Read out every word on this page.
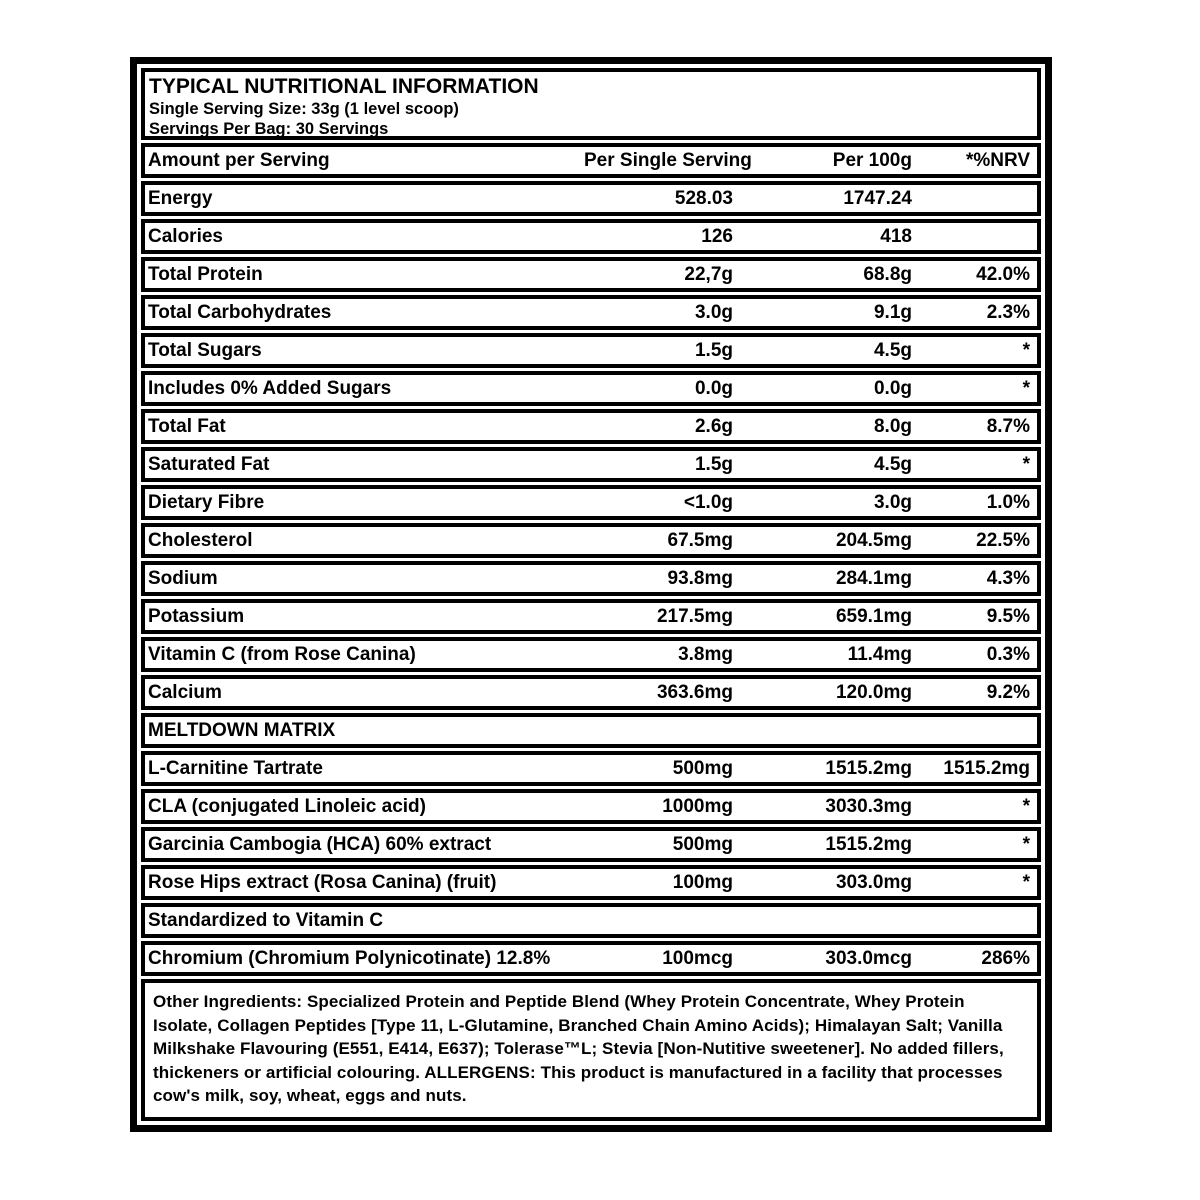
TYPICAL NUTRITIONAL INFORMATION
Single Serving Size: 33g (1 level scoop)
Servings Per Bag: 30 Servings
Amount per Serving	Per Single Serving	Per 100g	*%NRV
Energy	528.03	1747.24
Calories	126	418
Total Protein	22,7g	68.8g	42.0%
Total Carbohydrates	3.0g	9.1g	2.3%
Total Sugars	1.5g	4.5g	*
Includes 0% Added Sugars	0.0g	0.0g	*
Total Fat	2.6g	8.0g	8.7%
Saturated Fat	1.5g	4.5g	*
Dietary Fibre	<1.0g	3.0g	1.0%
Cholesterol	67.5mg	204.5mg	22.5%
Sodium	93.8mg	284.1mg	4.3%
Potassium	217.5mg	659.1mg	9.5%
Vitamin C (from Rose Canina)	3.8mg	11.4mg	0.3%
Calcium	363.6mg	120.0mg	9.2%
MELTDOWN MATRIX
L-Carnitine Tartrate	500mg	1515.2mg	1515.2mg
CLA (conjugated Linoleic acid)	1000mg	3030.3mg	*
Garcinia Cambogia (HCA) 60% extract	500mg	1515.2mg	*
Rose Hips extract (Rosa Canina) (fruit)	100mg	303.0mg	*
Standardized to Vitamin C
Chromium (Chromium Polynicotinate) 12.8%	100mcg	303.0mcg	286%
Other Ingredients: Specialized Protein and Peptide Blend (Whey Protein Concentrate, Whey Protein Isolate, Collagen Peptides [Type 11, L-Glutamine, Branched Chain Amino Acids); Himalayan Salt; Vanilla Milkshake Flavouring (E551, E414, E637); Tolerase™L; Stevia [Non-Nutitive sweetener]. No added fillers, thickeners or artificial colouring. ALLERGENS: This product is manufactured in a facility that processes cow's milk, soy, wheat, eggs and nuts.
